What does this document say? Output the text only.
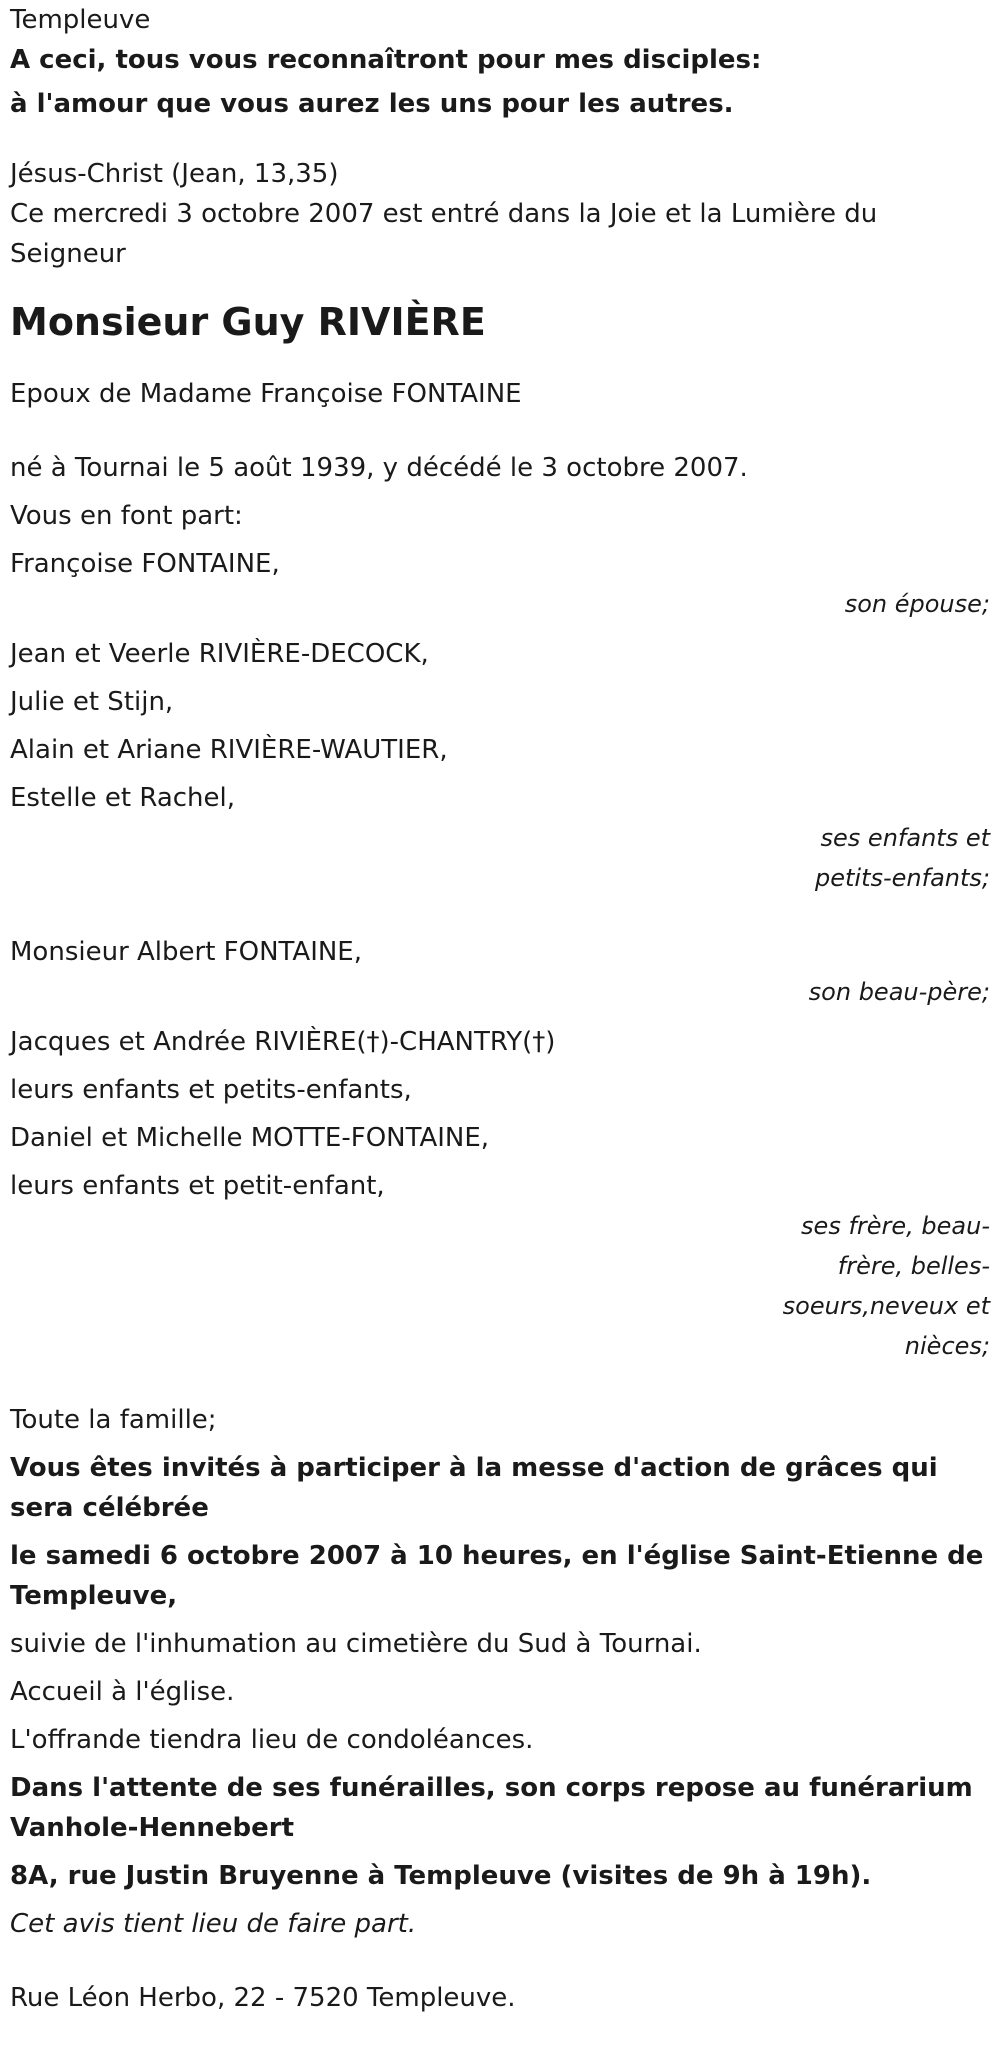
Templeuve

A ceci, tous vous reconnaîtront pour mes disciples:

à l'amour que vous aurez les uns pour les autres.

Jésus-Christ (Jean, 13,35)

Ce mercredi 3 octobre 2007 est entré dans la Joie et la Lumière du Seigneur

Monsieur Guy RIVIÈRE

Epoux de Madame Françoise FONTAINE

né à Tournai le 5 août 1939, y décédé le 3 octobre 2007.

Vous en font part:

Françoise FONTAINE,

son épouse;

Jean et Veerle RIVIÈRE-DECOCK,

Julie et Stijn,

Alain et Ariane RIVIÈRE-WAUTIER,

Estelle et Rachel,

ses enfants et petits-enfants;

Monsieur Albert FONTAINE,

son beau-père;

Jacques et Andrée RIVIÈRE(†)-CHANTRY(†)

leurs enfants et petits-enfants,

Daniel et Michelle MOTTE-FONTAINE,

leurs enfants et petit-enfant,

ses frère, beau-frère, belles-soeurs,neveux et nièces;

Toute la famille;

Vous êtes invités à participer à la messe d'action de grâces qui sera célébrée

le samedi 6 octobre 2007 à 10 heures, en l'église Saint-Etienne de Templeuve,

suivie de l'inhumation au cimetière du Sud à Tournai.

Accueil à l'église.

L'offrande tiendra lieu de condoléances.

Dans l'attente de ses funérailles, son corps repose au funérarium Vanhole-Hennebert

8A, rue Justin Bruyenne à Templeuve (visites de 9h à 19h).

Cet avis tient lieu de faire part.

Rue Léon Herbo, 22 - 7520 Templeuve.
